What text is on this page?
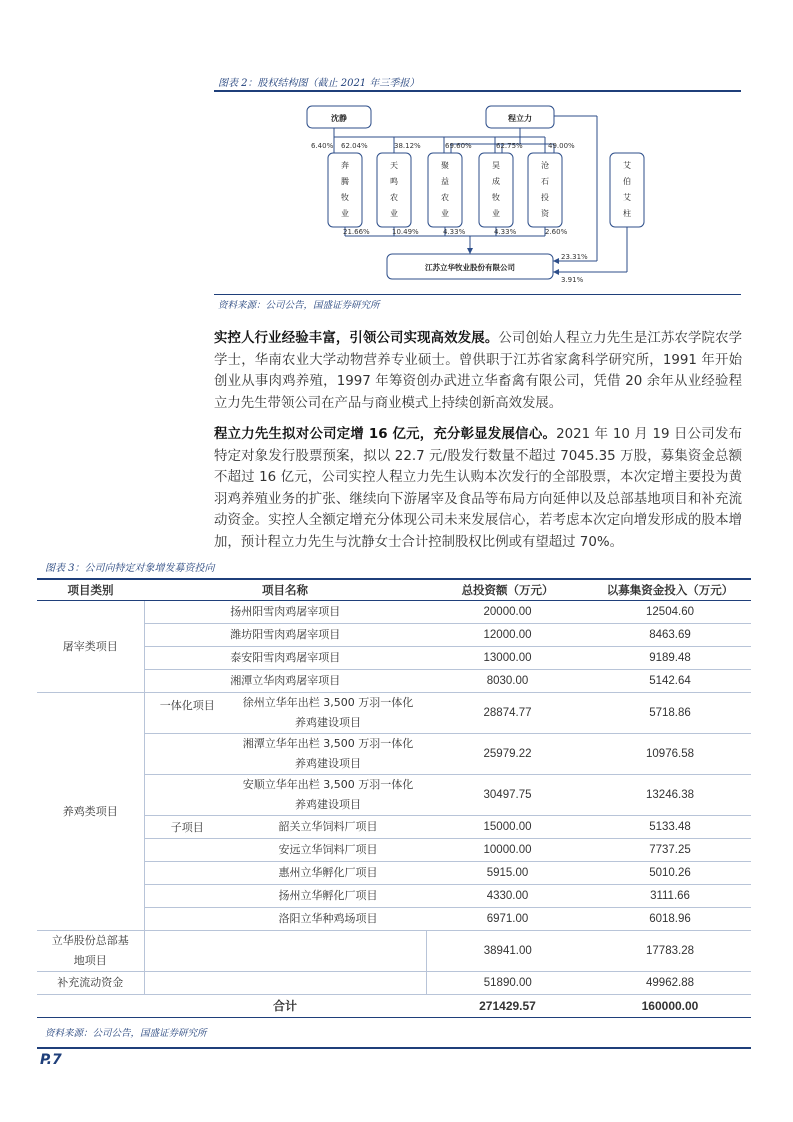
图表 2：股权结构图（截止 2021 年三季报）
沈静	程立力
江苏立华牧业股份有限公司
奔
腾
牧
业
天
鸣
农
业
聚
益
农
业
昊
成
牧
业
沧
石
投
资
艾
伯
艾
柱
6.40% 62.04%	38.12%	69.60%	62.75%	49.00%
21.66%	10.49%	4.33%	4.33%	2.60%
23.31%
3.91%
资料来源：公司公告，国盛证券研究所
实控人行业经验丰富，引领公司实现高效发展。公司创始人程立力先生是江苏农学院农学学士，华南农业大学动物营养专业硕士。曾供职于江苏省家禽科学研究所，1991 年开始创业从事肉鸡养殖，1997 年筹资创办武进立华畜禽有限公司，凭借 20 余年从业经验程立力先生带领公司在产品与商业模式上持续创新高效发展。
程立力先生拟对公司定增 16 亿元，充分彰显发展信心。2021 年 10 月 19 日公司发布特定对象发行股票预案，拟以 22.7 元/股发行数量不超过 7045.35 万股，募集资金总额不超过 16 亿元，公司实控人程立力先生认购本次发行的全部股票，本次定增主要投为黄羽鸡养殖业务的扩张、继续向下游屠宰及食品等布局方向延伸以及总部基地项目和补充流动资金。实控人全额定增充分体现公司未来发展信心，若考虑本次定向增发形成的股本增加，预计程立力先生与沈静女士合计控制股权比例或有望超过 70%。
图表 3：公司向特定对象增发募资投向
项目类别	项目名称		总投资额（万元）	以募集资金投入（万元）
屠宰类项目	扬州阳雪肉鸡屠宰项目		20000.00	12504.60
	潍坊阳雪肉鸡屠宰项目		12000.00	8463.69
	泰安阳雪肉鸡屠宰项目		13000.00	9189.48
	湘潭立华肉鸡屠宰项目		8030.00	5142.64
养鸡类项目	一体化项目	徐州立华年出栏 3,500 万羽一体化
养鸡建设项目	28874.77	5718.86

		湘潭立华年出栏 3,500 万羽一体化
养鸡建设项目	25979.22	10976.58

		安顺立华年出栏 3,500 万羽一体化
养鸡建设项目	30497.75	13246.38
	子项目	韶关立华饲料厂项目	15000.00	5133.48
		安远立华饲料厂项目	10000.00	7737.25
		惠州立华孵化厂项目	5915.00	5010.26
		扬州立华孵化厂项目	4330.00	3111.66
		洛阳立华种鸡场项目	6971.00	6018.96

立华股份总部基
地项目			38941.00	17783.28
补充流动资金			51890.00	49962.88
	合计		271429.57	160000.00
资料来源：公司公告，国盛证券研究所
P.7
